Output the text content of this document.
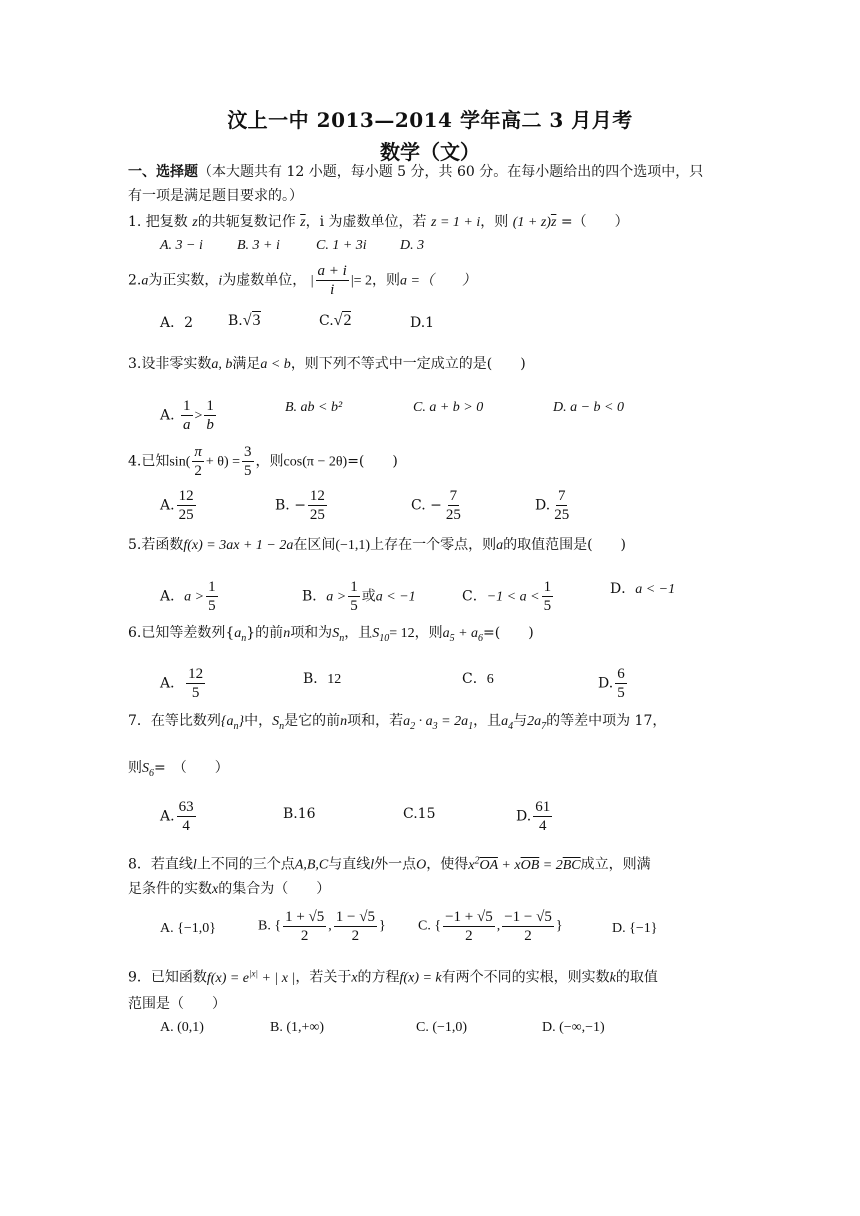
汶上一中 2013—2014 学年高二 3 月月考
数学（文）
一、选择题（本大题共有 12 小题，每小题 5 分，共 60 分。在每小题给出的四个选项中，只
有一项是满足题目要求的。）
1. 把复数 z的共轭复数记作 $\overline{z}$，i 为虚数单位，若 z = 1 + i，则 $(1 + z)\overline{z}$ =（　　）
A. 3 − i B. 3 + i	C. 1 + 3i D. 3
2.a为正实数，i为虚数单位， | $\frac{a + i}{i}$ |= 2，则a =（　　）
A．2 B.√3	C.√2	D.1
3.设非零实数a, b满足a < b，则下列不等式中一定成立的是(　　)
A. $\frac{1}{a} > \frac{1}{b}$	B. ab < b²	C. a + b > 0	D. a − b < 0
4.已知$\sin( \frac{\pi}{2} + \theta) = \frac{3}{5}$ ，则cos(π − 2θ)=(　　)
A. $\frac{12}{25}$	B. − $\frac{12}{25}$	C. − $\frac{7}{25}$	D. $\frac{7}{25}$
5.若函数f(x) = 3ax + 1 − 2a在区间(−1,1)上存在一个零点，则a的取值范围是(　　)
A．$a > \frac{1}{5}$	B．$a > \frac{1}{5}$ 或a < −1	C．$-1 < a < \frac{1}{5}$	D．a < −1
6.已知等差数列$\{a_n\}$的前n项和为$S_n$，且$S_{10}= 12$，则$a_5 + a_6=$(　　)
A． $\frac{12}{5}$	B．12	C．6	D. $\frac{6}{5}$
7．在等比数列$\{a_n\}$中，$S_n$是它的前n项和，若$a_2 \cdot a_3 = 2a_1$，且$a_4$与$2a_7$的等差中项为 17，
则$S_6=$　（　　）
A. $\frac{63}{4}$	B.16	C.15	D. $\frac{61}{4}$
8．若直线l上不同的三个点A,B,C与直线l外一点O，使得$x^2\overline{OA} + x\overline{OB} = 2\overline{BC}$成立，则满
足条件的实数x的集合为（　　）
A. {−1,0}	B. { $\frac{1 + √5}{2}$ , $\frac{1 - √5}{2}$ } C. { $\frac{-1 + √5}{2}$ , $\frac{-1 - √5}{2}$ }	D. {−1}
9．已知函数$f(x) = e^{|x|}$ + | x |，若关于x的方程f(x) = k有两个不同的实根，则实数k的取值
范围是（　　）
A. (0,1)	B. (1,+∞)	C. (−1,0)	D. (−∞,−1)
